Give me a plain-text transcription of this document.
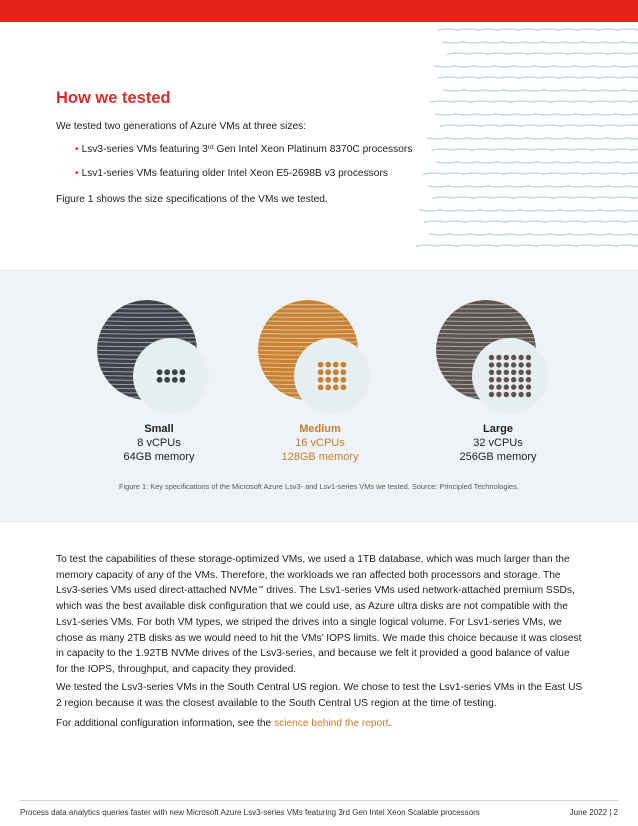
How we tested

We tested two generations of Azure VMs at three sizes:

• Lsv3-series VMs featuring 3rd Gen Intel Xeon Platinum 8370C processors

• Lsv1-series VMs featuring older Intel Xeon E5-2698B v3 processors

Figure 1 shows the size specifications of the VMs we tested.

Small
8 vCPUs
64GB memory
Medium
16 vCPUs
128GB memory
Large
32 vCPUs
256GB memory

Figure 1: Key specifications of the Microsoft Azure Lsv3- and Lsv1-series VMs we tested. Source: Principled Technologies.

To test the capabilities of these storage-optimized VMs, we used a 1TB database, which was much larger than the memory capacity of any of the VMs. Therefore, the workloads we ran affected both processors and storage. The Lsv3-series VMs used direct-attached NVMe™ drives. The Lsv1-series VMs used network-attached premium SSDs, which was the best available disk configuration that we could use, as Azure ultra disks are not compatible with the Lsv1-series VMs. For both VM types, we striped the drives into a single logical volume. For Lsv1-series VMs, we chose as many 2TB disks as we would need to hit the VMs’ IOPS limits. We made this choice because it was closest in capacity to the 1.92TB NVMe drives of the Lsv3-series, and because we felt it provided a good balance of value for the IOPS, throughput, and capacity they provided.

We tested the Lsv3-series VMs in the South Central US region. We chose to test the Lsv1-series VMs in the East US 2 region because it was the closest available to the South Central US region at the time of testing.

For additional configuration information, see the science behind the report.

Process data analytics queries faster with new Microsoft Azure Lsv3-series VMs featuring 3rd Gen Intel Xeon Scalable processors	June 2022 | 2
